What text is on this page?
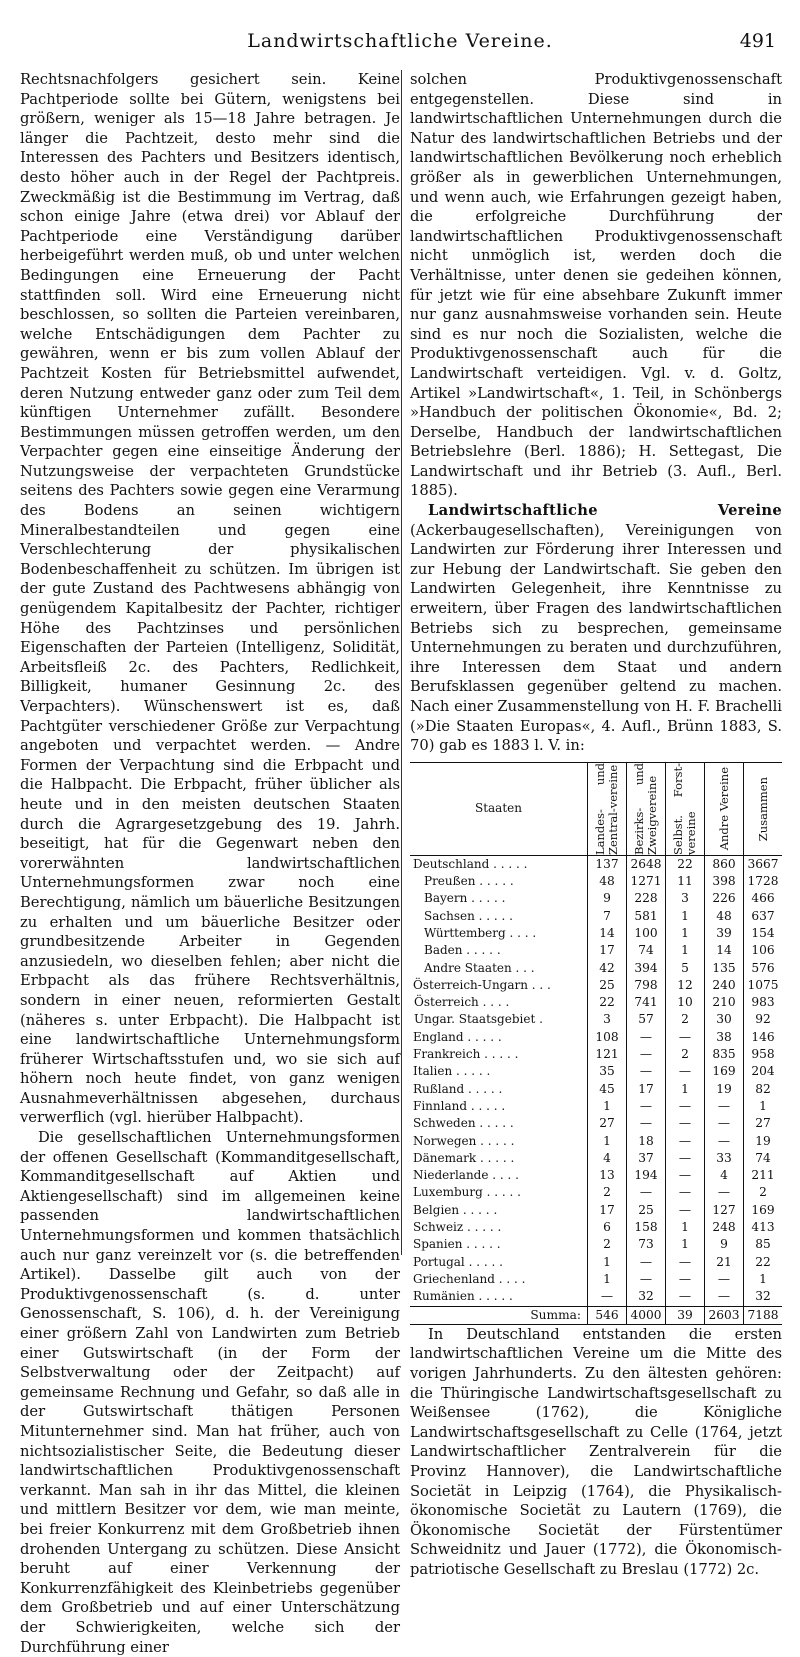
Landwirtschaftliche Vereine.	491

Rechtsnachfolgers gesichert sein. Keine Pachtperiode sollte bei Gütern, wenigstens bei größern, weniger als 15—18 Jahre betragen. Je länger die Pachtzeit, desto mehr sind die Interessen des Pachters und Besitzers identisch, desto höher auch in der Regel der Pachtpreis. Zweckmäßig ist die Bestimmung im Vertrag, daß schon einige Jahre (etwa drei) vor Ablauf der Pachtperiode eine Verständigung darüber herbeigeführt werden muß, ob und unter welchen Bedingungen eine Erneuerung der Pacht stattfinden soll. Wird eine Erneuerung nicht beschlossen, so sollten die Parteien vereinbaren, welche Entschädigungen dem Pachter zu gewähren, wenn er bis zum vollen Ablauf der Pachtzeit Kosten für Betriebsmittel aufwendet, deren Nutzung entweder ganz oder zum Teil dem künftigen Unternehmer zufällt. Besondere Bestimmungen müssen getroffen werden, um den Verpachter gegen eine einseitige Änderung der Nutzungsweise der verpachteten Grundstücke seitens des Pachters sowie gegen eine Verarmung des Bodens an seinen wichtigern Mineralbestandteilen und gegen eine Verschlechterung der physikalischen Bodenbeschaffenheit zu schützen. Im übrigen ist der gute Zustand des Pachtwesens abhängig von genügendem Kapitalbesitz der Pachter, richtiger Höhe des Pachtzinses und persönlichen Eigenschaften der Parteien (Intelligenz, Solidität, Arbeitsfleiß 2c. des Pachters, Redlichkeit, Billigkeit, humaner Gesinnung 2c. des Verpachters). Wünschenswert ist es, daß Pachtgüter verschiedener Größe zur Verpachtung angeboten und verpachtet werden. — Andre Formen der Verpachtung sind die Erbpacht und die Halbpacht. Die Erbpacht, früher üblicher als heute und in den meisten deutschen Staaten durch die Agrargesetzgebung des 19. Jahrh. beseitigt, hat für die Gegenwart neben den vorerwähnten landwirtschaftlichen Unternehmungsformen zwar noch eine Berechtigung, nämlich um bäuerliche Besitzungen zu erhalten und um bäuerliche Besitzer oder grundbesitzende Arbeiter in Gegenden anzusiedeln, wo dieselben fehlen; aber nicht die Erbpacht als das frühere Rechtsverhältnis, sondern in einer neuen, reformierten Gestalt (näheres s. unter Erbpacht). Die Halbpacht ist eine landwirtschaftliche Unternehmungsform früherer Wirtschaftsstufen und, wo sie sich auf höhern noch heute findet, von ganz wenigen Ausnahmeverhältnissen abgesehen, durchaus verwerflich (vgl. hierüber Halbpacht).

Die gesellschaftlichen Unternehmungsformen der offenen Gesellschaft (Kommanditgesellschaft, Kommanditgesellschaft auf Aktien und Aktiengesellschaft) sind im allgemeinen keine passenden landwirtschaftlichen Unternehmungsformen und kommen thatsächlich auch nur ganz vereinzelt vor (s. die betreffenden Artikel). Dasselbe gilt auch von der Produktivgenossenschaft (s. d. unter Genossenschaft, S. 106), d. h. der Vereinigung einer größern Zahl von Landwirten zum Betrieb einer Gutswirtschaft (in der Form der Selbstverwaltung oder der Zeitpacht) auf gemeinsame Rechnung und Gefahr, so daß alle in der Gutswirtschaft thätigen Personen Mitunternehmer sind. Man hat früher, auch von nichtsozialistischer Seite, die Bedeutung dieser landwirtschaftlichen Produktivgenossenschaft verkannt. Man sah in ihr das Mittel, die kleinen und mittlern Besitzer vor dem, wie man meinte, bei freier Konkurrenz mit dem Großbetrieb ihnen drohenden Untergang zu schützen. Diese Ansicht beruht auf einer Verkennung der Konkurrenzfähigkeit des Kleinbetriebs gegenüber dem Großbetrieb und auf einer Unterschätzung der Schwierigkeiten, welche sich der Durchführung einer

solchen Produktivgenossenschaft entgegenstellen. Diese sind in landwirtschaftlichen Unternehmungen durch die Natur des landwirtschaftlichen Betriebs und der landwirtschaftlichen Bevölkerung noch erheblich größer als in gewerblichen Unternehmungen, und wenn auch, wie Erfahrungen gezeigt haben, die erfolgreiche Durchführung der landwirtschaftlichen Produktivgenossenschaft nicht unmöglich ist, werden doch die Verhältnisse, unter denen sie gedeihen können, für jetzt wie für eine absehbare Zukunft immer nur ganz ausnahmsweise vorhanden sein. Heute sind es nur noch die Sozialisten, welche die Produktivgenossenschaft auch für die Landwirtschaft verteidigen. Vgl. v. d. Goltz, Artikel »Landwirtschaft«, 1. Teil, in Schönbergs »Handbuch der politischen Ökonomie«, Bd. 2; Derselbe, Handbuch der landwirtschaftlichen Betriebslehre (Berl. 1886); H. Settegast, Die Landwirtschaft und ihr Betrieb (3. Aufl., Berl. 1885).

Landwirtschaftliche Vereine (Ackerbaugesellschaften), Vereinigungen von Landwirten zur Förderung ihrer Interessen und zur Hebung der Landwirtschaft. Sie geben den Landwirten Gelegenheit, ihre Kenntnisse zu erweitern, über Fragen des landwirtschaftlichen Betriebs sich zu besprechen, gemeinsame Unternehmungen zu beraten und durchzuführen, ihre Interessen dem Staat und andern Berufsklassen gegenüber geltend zu machen. Nach einer Zusammenstellung von H. F. Brachelli (»Die Staaten Europas«, 4. Aufl., Brünn 1883, S. 70) gab es 1883 l. V. in:

Staaten	Landes- und Zentral-vereine	Bezirks- und Zweigvereine	Selbst. Forst-vereine	Andre Vereine	Zusammen

Deutschland . . . . .	137	2648	22	860	3667
Preußen . . . . .	48	1271	11	398	1728
Bayern . . . . .	9	228	3	226	466
Sachsen . . . . .	7	581	1	48	637
Württemberg . . . .	14	100	1	39	154
Baden . . . . .	17	74	1	14	106
Andre Staaten . . .	42	394	5	135	576
Österreich-Ungarn . . .	25	798	12	240	1075
Österreich . . . .	22	741	10	210	983
Ungar. Staatsgebiet .	3	57	2	30	92
England . . . . .	108	—	—	38	146
Frankreich . . . . .	121	—	2	835	958
Italien . . . . .	35	—	—	169	204
Rußland . . . . .	45	17	1	19	82
Finnland . . . . .	1	—	—	—	1
Schweden . . . . .	27	—	—	—	27
Norwegen . . . . .	1	18	—	—	19
Dänemark . . . . .	4	37	—	33	74
Niederlande . . . .	13	194	—	4	211
Luxemburg . . . . .	2	—	—	—	2
Belgien . . . . .	17	25	—	127	169
Schweiz . . . . .	6	158	1	248	413
Spanien . . . . .	2	73	1	9	85
Portugal . . . . .	1	—	—	21	22
Griechenland . . . .	1	—	—	—	1
Rumänien . . . . .	—	32	—	—	32
Summa:	546	4000	39	2603	7188

In Deutschland entstanden die ersten landwirtschaftlichen Vereine um die Mitte des vorigen Jahrhunderts. Zu den ältesten gehören: die Thüringische Landwirtschaftsgesellschaft zu Weißensee (1762), die Königliche Landwirtschaftsgesellschaft zu Celle (1764, jetzt Landwirtschaftlicher Zentralverein für die Provinz Hannover), die Landwirtschaftliche Societät in Leipzig (1764), die Physikalisch-ökonomische Societät zu Lautern (1769), die Ökonomische Societät der Fürstentümer Schweidnitz und Jauer (1772), die Ökonomisch-patriotische Gesellschaft zu Breslau (1772) 2c.
